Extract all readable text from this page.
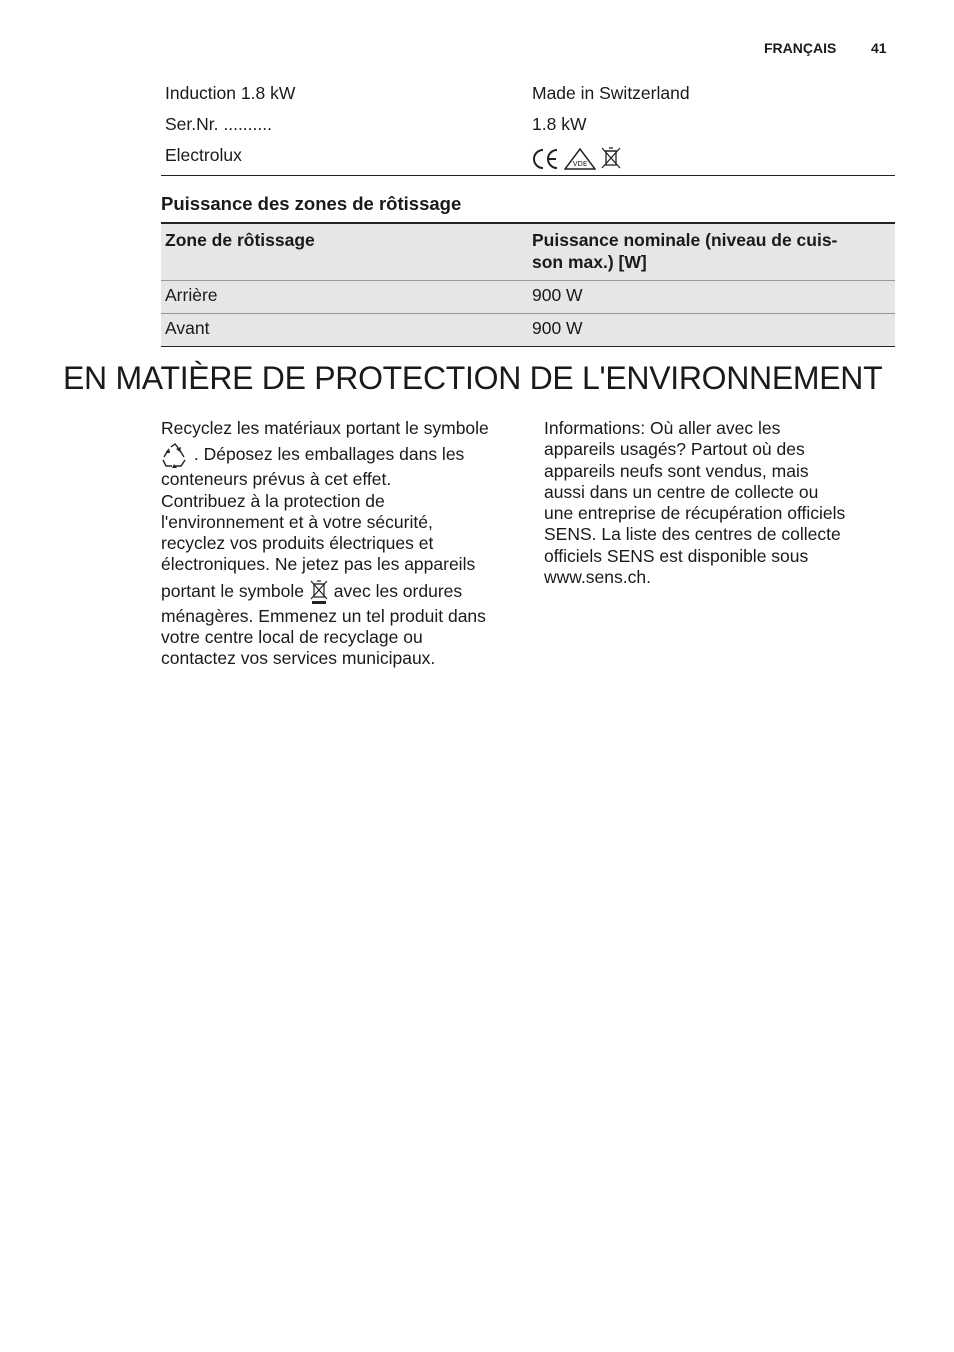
FRANÇAIS 41
Induction 1.8 kW	Made in Switzerland
Ser.Nr. ..........	1.8 kW
Electrolux	VDE
Puissance des zones de rôtissage
Zone de rôtissage	Puissance nominale (niveau de cuis-
son max.) [W]
Arrière	900 W
Avant	900 W
EN MATIÈRE DE PROTECTION DE L'ENVIRONNEMENT
Recyclez les matériaux portant le symbole
. Déposez les emballages dans les
conteneurs prévus à cet effet.
Contribuez à la protection de
l'environnement et à votre sécurité,
recyclez vos produits électriques et
électroniques. Ne jetez pas les appareils
portant le symbole avec les ordures
ménagères. Emmenez un tel produit dans
votre centre local de recyclage ou
contactez vos services municipaux.
Informations: Où aller avec les
appareils usagés? Partout où des
appareils neufs sont vendus, mais
aussi dans un centre de collecte ou
une entreprise de récupération officiels
SENS. La liste des centres de collecte
officiels SENS est disponible sous
www.sens.ch.
